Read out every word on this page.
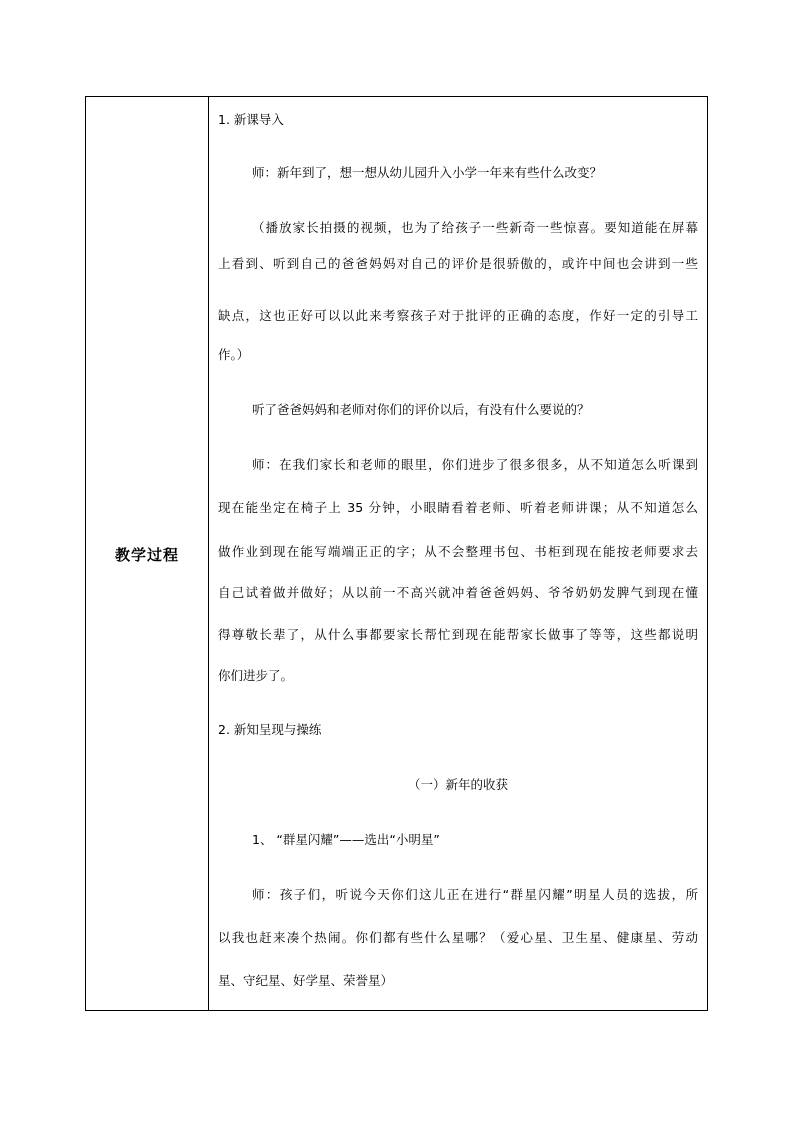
教学过程
1. 新课导入
师：新年到了，想一想从幼儿园升入小学一年来有些什么改变？
（播放家长拍摄的视频，也为了给孩子一些新奇一些惊喜。要知道能在屏幕
上看到、听到自己的爸爸妈妈对自己的评价是很骄傲的，或许中间也会讲到一些
缺点，这也正好可以以此来考察孩子对于批评的正确的态度，作好一定的引导工
作。）
听了爸爸妈妈和老师对你们的评价以后，有没有什么要说的？
师：在我们家长和老师的眼里，你们进步了很多很多，从不知道怎么听课到
现在能坐定在椅子上 35 分钟，小眼睛看着老师、听着老师讲课；从不知道怎么
做作业到现在能写端端正正的字；从不会整理书包、书柜到现在能按老师要求去
自己试着做并做好；从以前一不高兴就冲着爸爸妈妈、爷爷奶奶发脾气到现在懂
得尊敬长辈了，从什么事都要家长帮忙到现在能帮家长做事了等等，这些都说明
你们进步了。
2. 新知呈现与操练
（一）新年的收获
1、 “群星闪耀”——选出“小明星”
师：孩子们，听说今天你们这儿正在进行“群星闪耀”明星人员的选拔，所
以我也赶来凑个热闹。你们都有些什么星哪？（爱心星、卫生星、健康星、劳动
星、守纪星、好学星、荣誉星）
